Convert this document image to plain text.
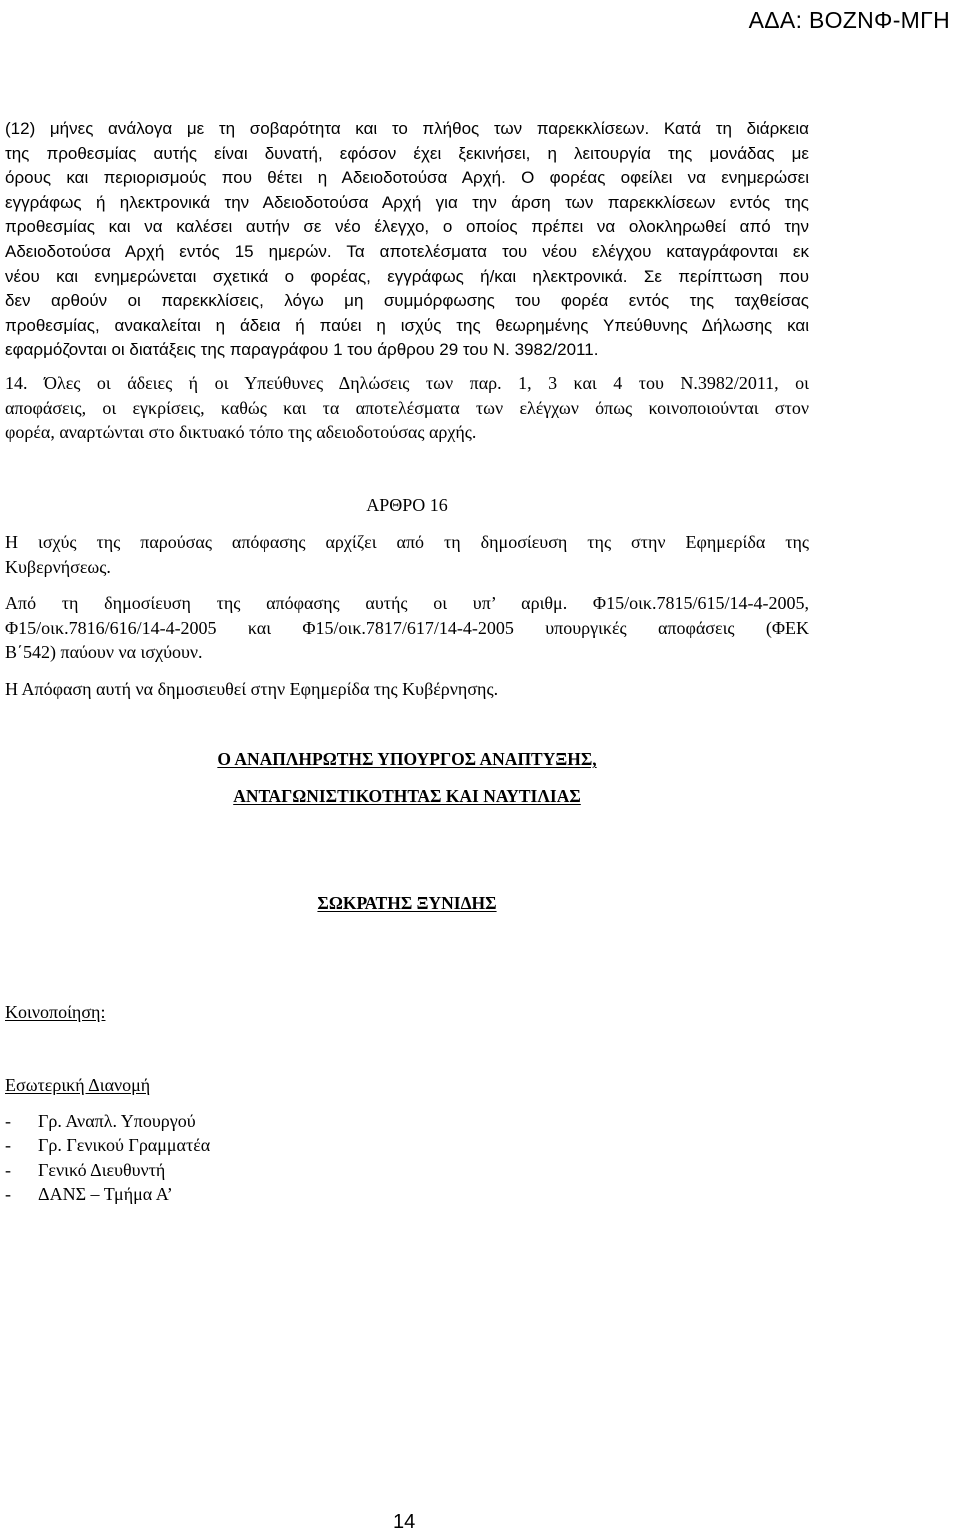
ΑΔΑ: ΒΟΖΝΦ-ΜΓΗ
(12) μήνες ανάλογα με τη σοβαρότητα και το πλήθος των παρεκκλίσεων. Κατά τη διάρκεια
της προθεσμίας αυτής είναι δυνατή, εφόσον έχει ξεκινήσει, η λειτουργία της μονάδας με
όρους και περιορισμούς που θέτει η Αδειοδοτούσα Αρχή. Ο φορέας οφείλει να ενημερώσει
εγγράφως ή ηλεκτρονικά την Αδειοδοτούσα Αρχή για την άρση των παρεκκλίσεων εντός της
προθεσμίας και να καλέσει αυτήν σε νέο έλεγχο, ο οποίος πρέπει να ολοκληρωθεί από την
Αδειοδοτούσα Αρχή εντός 15 ημερών. Τα αποτελέσματα του νέου ελέγχου καταγράφονται εκ
νέου και ενημερώνεται σχετικά ο φορέας, εγγράφως ή/και ηλεκτρονικά. Σε περίπτωση που
δεν αρθούν οι παρεκκλίσεις, λόγω μη συμμόρφωσης του φορέα εντός της ταχθείσας
προθεσμίας, ανακαλείται η άδεια ή παύει η ισχύς της θεωρημένης Υπεύθυνης Δήλωσης και
εφαρμόζονται οι διατάξεις της παραγράφου 1 του άρθρου 29 του Ν. 3982/2011.
14. Όλες οι άδειες ή οι Υπεύθυνες Δηλώσεις των παρ. 1, 3 και 4 του Ν.3982/2011, οι
αποφάσεις, οι εγκρίσεις, καθώς και τα αποτελέσματα των ελέγχων όπως κοινοποιούνται στον
φορέα, αναρτώνται στο δικτυακό τόπο της αδειοδοτούσας αρχής.
ΑΡΘΡΟ 16
Η ισχύς της παρούσας απόφασης αρχίζει από τη δημοσίευση της στην Εφημερίδα της
Κυβερνήσεως.
Από τη δημοσίευση της απόφασης αυτής οι υπ’ αριθμ. Φ15/οικ.7815/615/14-4-2005,
Φ15/οικ.7816/616/14-4-2005 και Φ15/οικ.7817/617/14-4-2005 υπουργικές αποφάσεις (ΦΕΚ
Β΄542) παύουν να ισχύουν.
Η Απόφαση αυτή να δημοσιευθεί στην Εφημερίδα της Κυβέρνησης.
Ο ΑΝΑΠΛΗΡΩΤΗΣ ΥΠΟΥΡΓΟΣ ΑΝΑΠΤΥΞΗΣ,
ΑΝΤΑΓΩΝΙΣΤΙΚΟΤΗΤΑΣ ΚΑΙ ΝΑΥΤΙΛΙΑΣ
ΣΩΚΡΑΤΗΣ ΞΥΝΙΔΗΣ
Κοινοποίηση:
Εσωτερική Διανομή
- Γρ. Αναπλ. Υπουργού
- Γρ. Γενικού Γραμματέα
- Γενικό Διευθυντή
- ΔΑΝΣ – Τμήμα Α’
14
